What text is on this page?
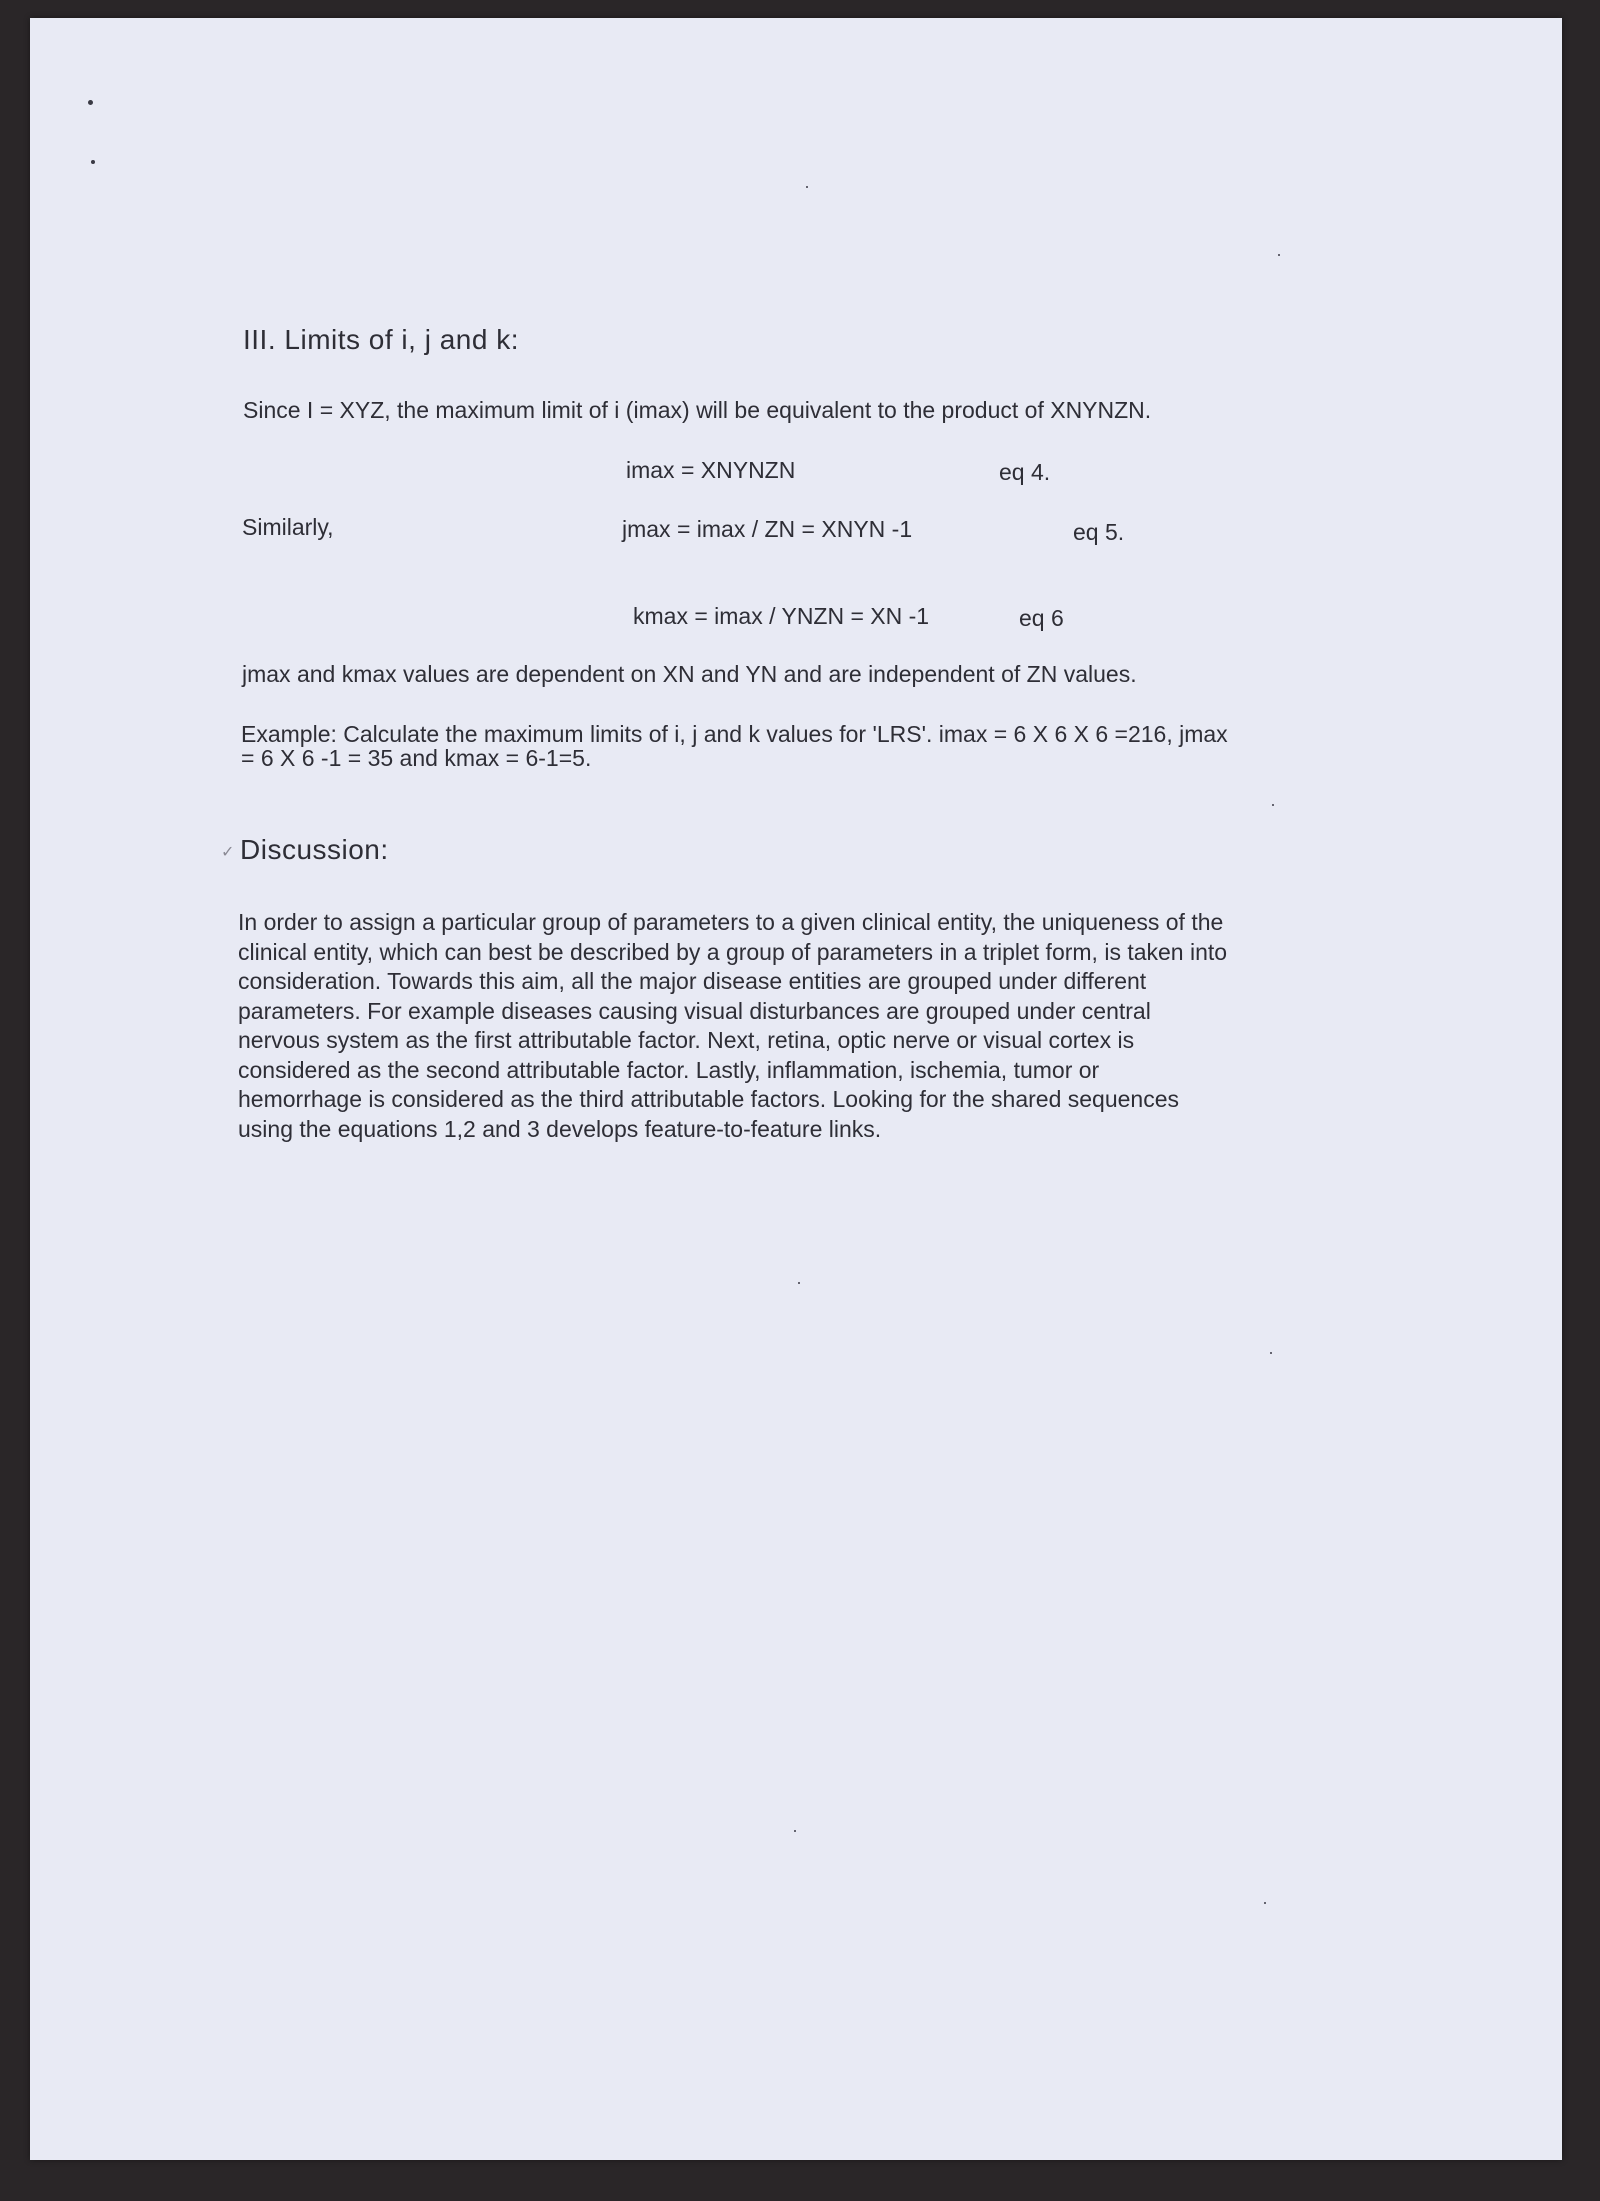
✓
III. Limits of i, j and k:
Since I = XYZ, the maximum limit of i (imax) will be equivalent to the product of XNYNZN.
imax = XNYNZN	eq 4.
Similarly,	jmax = imax / ZN = XNYN -1	eq 5.
kmax = imax / YNZN = XN -1	eq 6
jmax and kmax values are dependent on XN and YN and are independent of ZN values.
Example: Calculate the maximum limits of i, j and k values for 'LRS'. imax = 6 X 6 X 6 =216, jmax
= 6 X 6 -1 = 35 and kmax = 6-1=5.
Discussion:
In order to assign a particular group of parameters to a given clinical entity, the uniqueness of the
clinical entity, which can best be described by a group of parameters in a triplet form, is taken into
consideration. Towards this aim, all the major disease entities are grouped under different
parameters. For example diseases causing visual disturbances are grouped under central
nervous system as the first attributable factor. Next, retina, optic nerve or visual cortex is
considered as the second attributable factor. Lastly, inflammation, ischemia, tumor or
hemorrhage is considered as the third attributable factors. Looking for the shared sequences
using the equations 1,2 and 3 develops feature-to-feature links.
